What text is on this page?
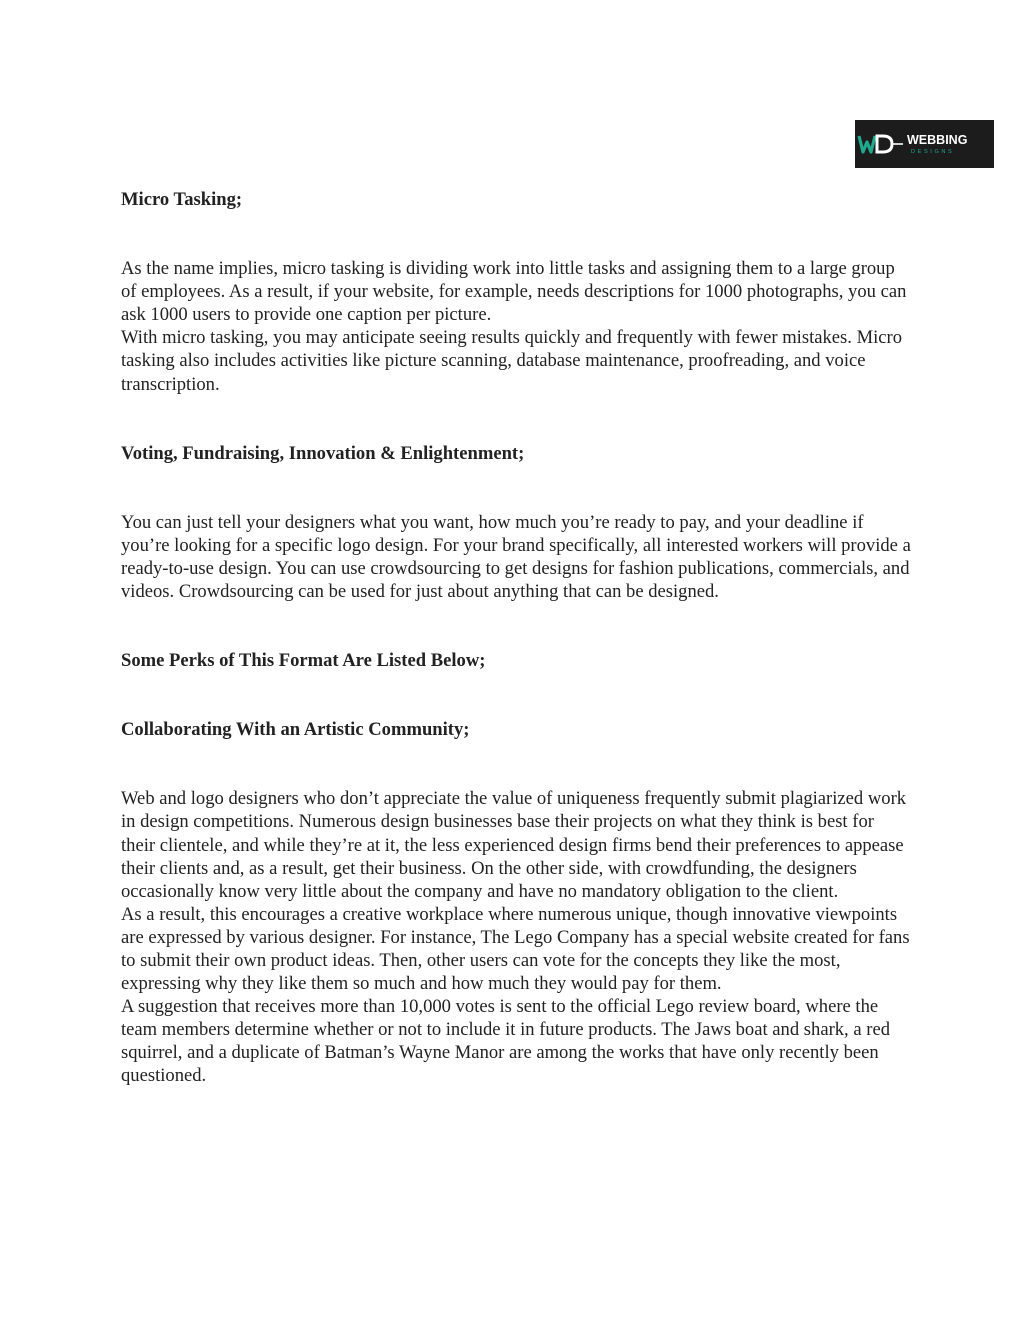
WEBBING
DESIGNS
Micro Tasking;

As the name implies, micro tasking is dividing work into little tasks and assigning them to a large group of employees. As a result, if your website, for example, needs descriptions for 1000 photographs, you can ask 1000 users to provide one caption per picture.

With micro tasking, you may anticipate seeing results quickly and frequently with fewer mistakes. Micro tasking also includes activities like picture scanning, database maintenance, proofreading, and voice transcription.

Voting, Fundraising, Innovation & Enlightenment;

You can just tell your designers what you want, how much you’re ready to pay, and your deadline if you’re looking for a specific logo design. For your brand specifically, all interested workers will provide a ready-to-use design. You can use crowdsourcing to get designs for fashion publications, commercials, and videos. Crowdsourcing can be used for just about anything that can be designed.

Some Perks of This Format Are Listed Below;
Collaborating With an Artistic Community;

Web and logo designers who don’t appreciate the value of uniqueness frequently submit plagiarized work in design competitions. Numerous design businesses base their projects on what they think is best for their clientele, and while they’re at it, the less experienced design firms bend their preferences to appease their clients and, as a result, get their business. On the other side, with crowdfunding, the designers occasionally know very little about the company and have no mandatory obligation to the client.

As a result, this encourages a creative workplace where numerous unique, though innovative viewpoints are expressed by various designer. For instance, The Lego Company has a special website created for fans to submit their own product ideas. Then, other users can vote for the concepts they like the most, expressing why they like them so much and how much they would pay for them.

A suggestion that receives more than 10,000 votes is sent to the official Lego review board, where the team members determine whether or not to include it in future products. The Jaws boat and shark, a red squirrel, and a duplicate of Batman’s Wayne Manor are among the works that have only recently been questioned.
